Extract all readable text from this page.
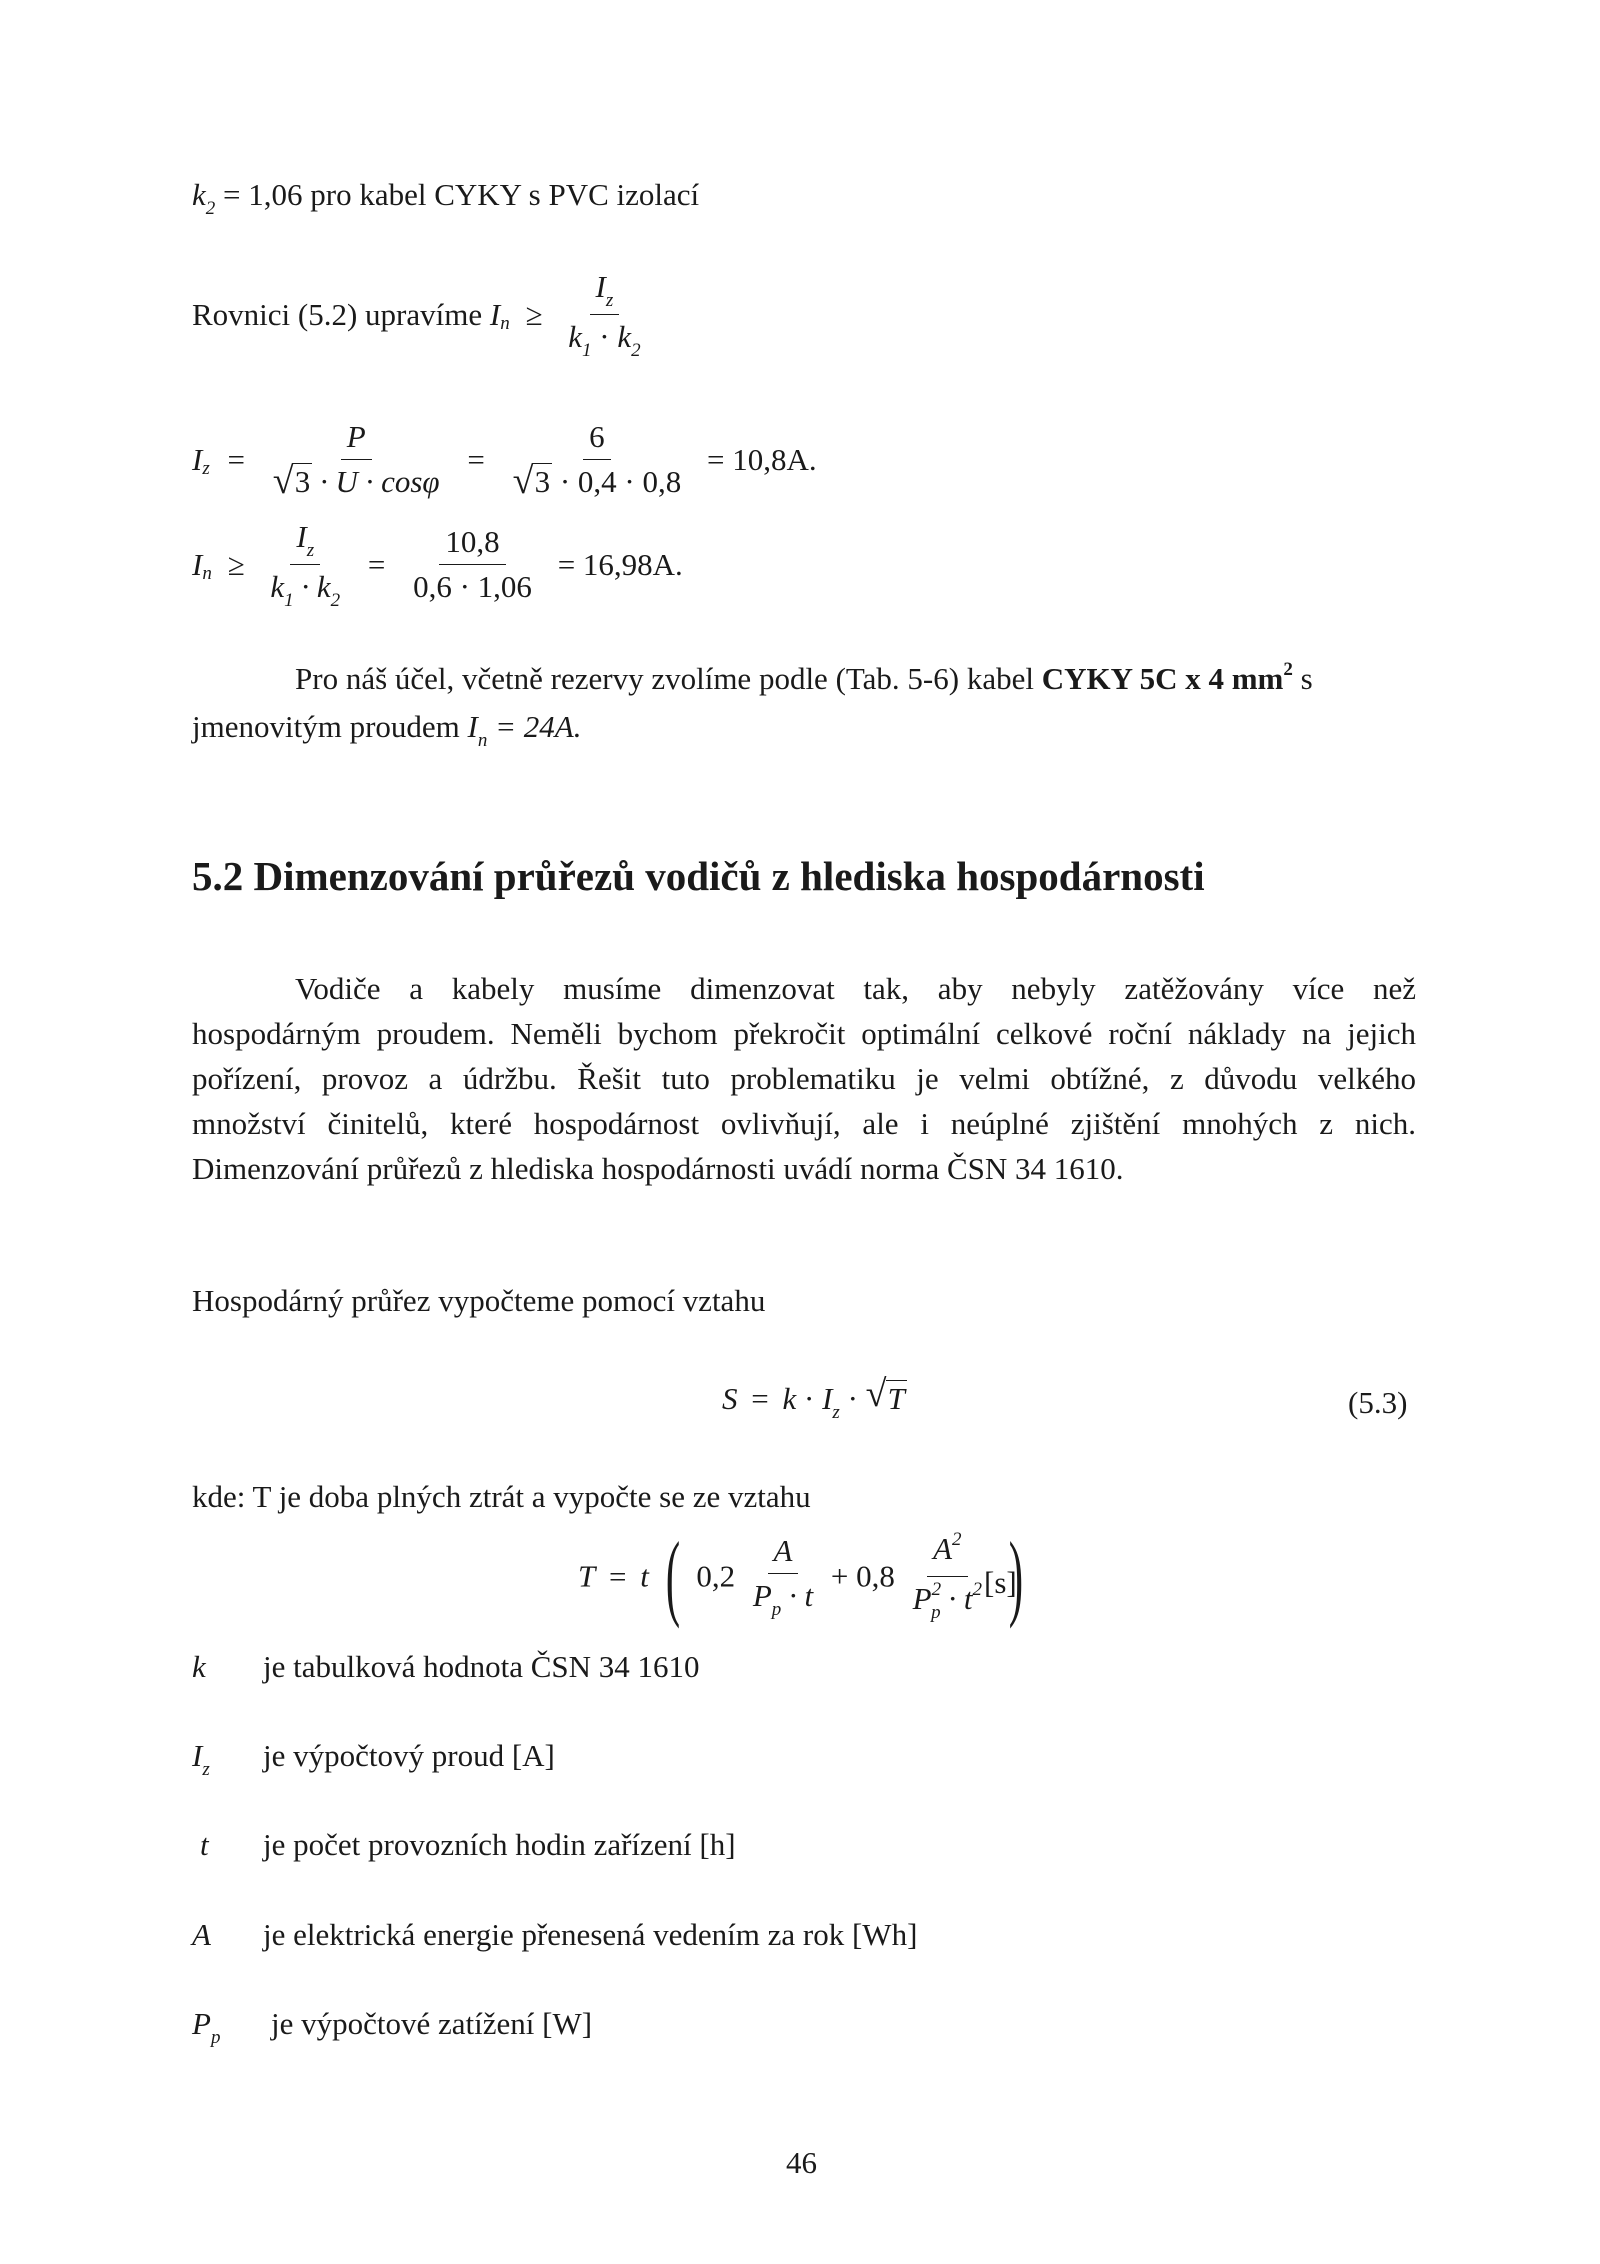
$k_2 = 1,06$ pro kabel CYKY s PVC izolací
Rovnici (5.2) upravíme $I_n \ge \frac{I_z}{k_1 \cdot k_2}$
$I_z = \frac{P}{√ 3 \cdot U \cdot \cos\varphi} = \frac{6}{√ 3 \cdot 0,4 \cdot 0,8} = 10,8A$.
$I_n \ge \frac{I_z}{k_1 \cdot k_2} = \frac{10,8}{0,6 \cdot 1,06} = 16,98A$.
Pro náš účel, včetně rezervy zvolíme podle (Tab. 5-6) kabel CYKY 5C x 4 $mm^2$ s
jmenovitým proudem $I_n = 24A$.
5.2 Dimenzování průřezů vodičů z hlediska hospodárnosti
Vodiče a kabely musíme dimenzovat tak, aby nebyly zatěžovány více než
hospodárným proudem. Neměli bychom překročit optimální celkové roční náklady na jejich
pořízení, provoz a údržbu. Řešit tuto problematiku je velmi obtížné, z důvodu velkého
množství činitelů, které hospodárnost ovlivňují, ale i neúplné zjištění mnohých z nich.
Dimenzování průřezů z hlediska hospodárnosti uvádí norma ČSN 34 1610.
Hospodárný průřez vypočteme pomocí vztahu
$S = k \cdot I_z$ · √ T	(5.3)
kde: T je doba plných ztrát a vypočte se ze vztahu
T = t ( $0,2 \frac{A}{P_p \cdot t} + 0,8 \frac{A^2}{P^2_p \cdot t^2}$ )
[s]
k je tabulková hodnota ČSN 34 1610
$I_z$ je výpočtový proud [A]
t je počet provozních hodin zařízení [h]
A je elektrická energie přenesená vedením za rok [Wh]
$P_p$ je výpočtové zatížení [W]
46
